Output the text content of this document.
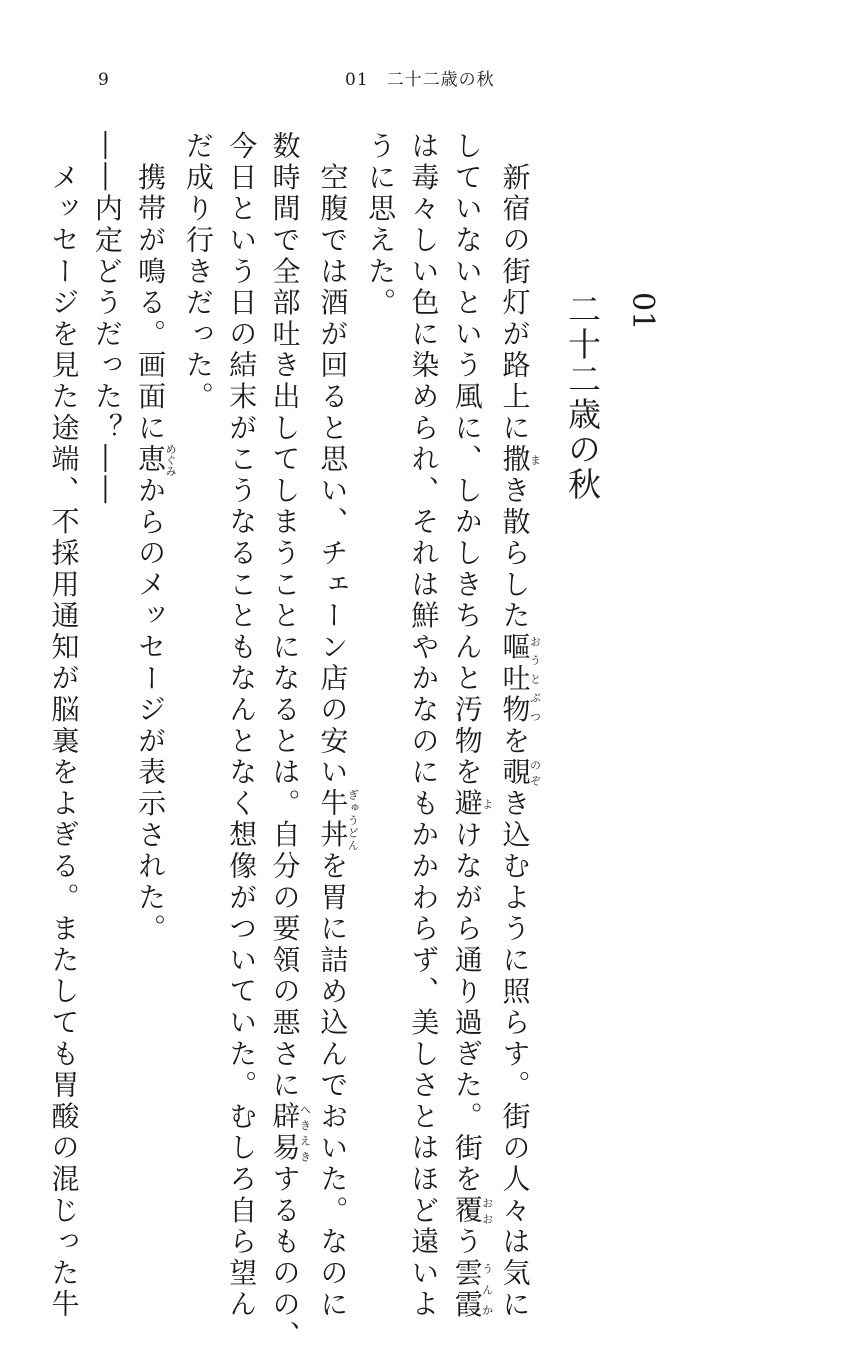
9	01　二十二歳の秋
01
二十二歳の秋

　新宿の街灯が路上に撒まき散らした嘔吐物おうとぶつを覗のぞき込むように照らす。街の人々は気に

していないという風に、しかしきちんと汚物を避よけながら通り過ぎた。街を覆おおう雲霞うんか

は毒々しい色に染められ、それは鮮やかなのにもかかわらず、美しさとはほど遠いよ

うに思えた。

　空腹では酒が回ると思い、チェーン店の安い牛丼ぎゅうどんを胃に詰め込んでおいた。なのに

数時間で全部吐き出してしまうことになるとは。自分の要領の悪さに辟易へきえきするものの、

今日という日の結末がこうなることもなんとなく想像がついていた。むしろ自ら望ん

だ成り行きだった。

　携帯が鳴る。画面に恵めぐみからのメッセージが表示された。

――内定どうだった？――

　メッセージを見た途端、不採用通知が脳裏をよぎる。またしても胃酸の混じった牛
